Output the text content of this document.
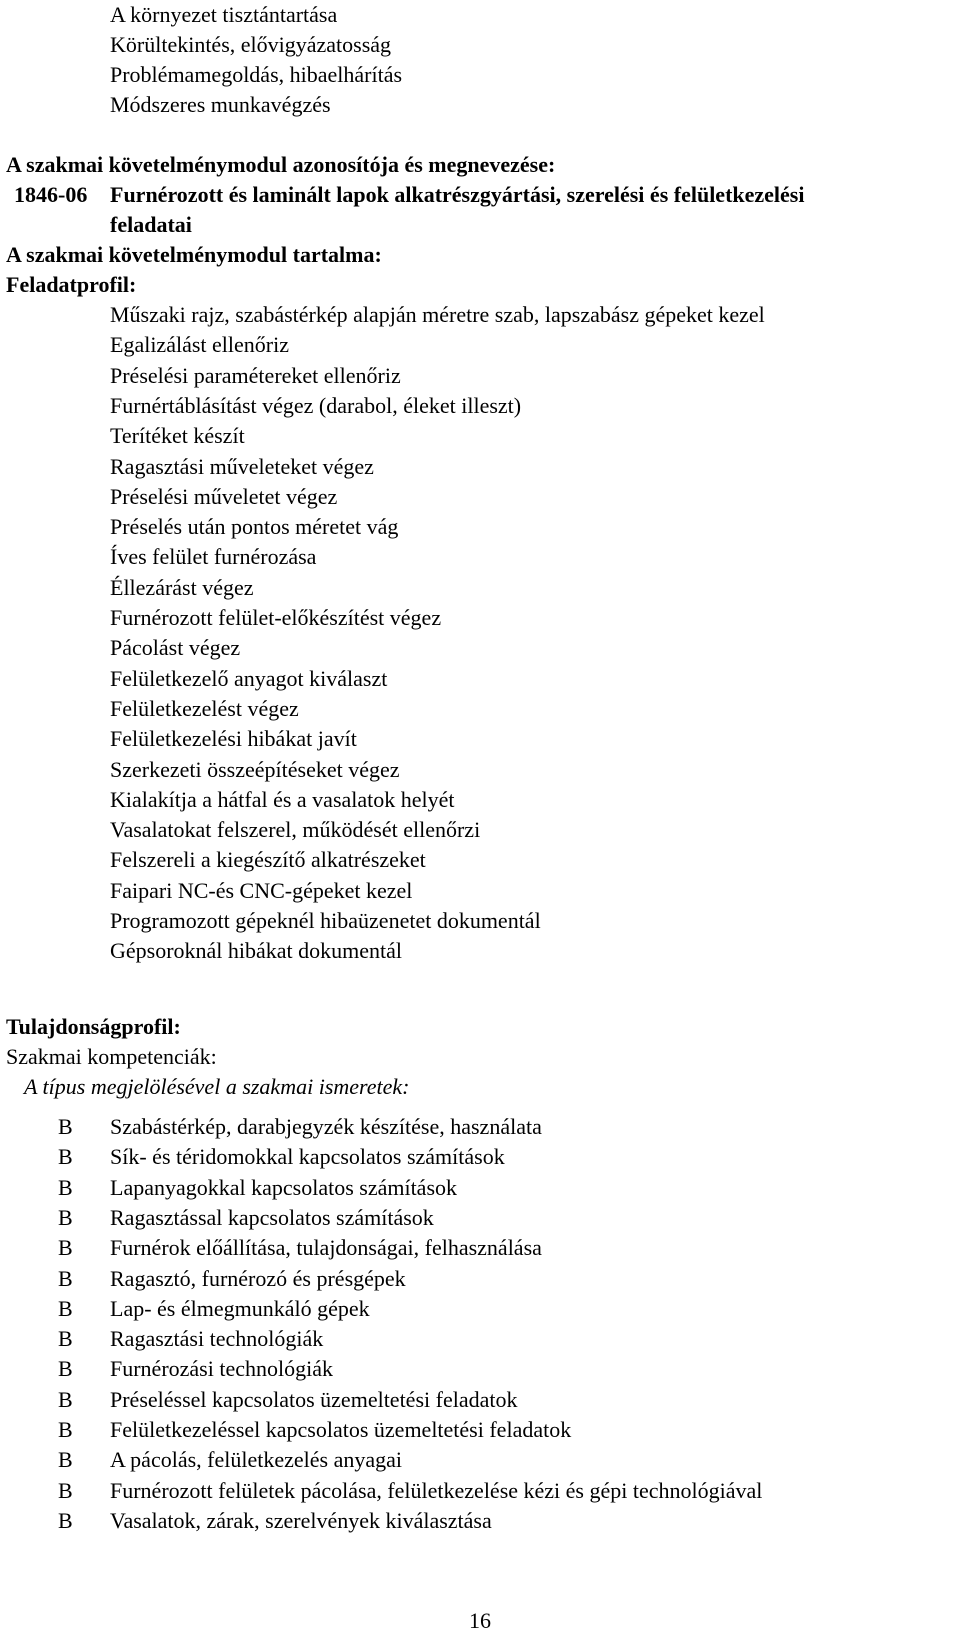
A környezet tisztántartása
Körültekintés, elővigyázatosság
Problémamegoldás, hibaelhárítás
Módszeres munkavégzés
A szakmai követelménymodul azonosítója és megnevezése:
1846-06 Furnérozott és laminált lapok alkatrészgyártási, szerelési és felületkezelési
feladatai
A szakmai követelménymodul tartalma:
Feladatprofil:
Műszaki rajz, szabástérkép alapján méretre szab, lapszabász gépeket kezel
Egalizálást ellenőriz
Préselési paramétereket ellenőriz
Furnértáblásítást végez (darabol, éleket illeszt)
Terítéket készít
Ragasztási műveleteket végez
Préselési műveletet végez
Préselés után pontos méretet vág
Íves felület furnérozása
Éllezárást végez
Furnérozott felület-előkészítést végez
Pácolást végez
Felületkezelő anyagot kiválaszt
Felületkezelést végez
Felületkezelési hibákat javít
Szerkezeti összeépítéseket végez
Kialakítja a hátfal és a vasalatok helyét
Vasalatokat felszerel, működését ellenőrzi
Felszereli a kiegészítő alkatrészeket
Faipari NC-és CNC-gépeket kezel
Programozott gépeknél hibaüzenetet dokumentál
Gépsoroknál hibákat dokumentál
Tulajdonságprofil:
Szakmai kompetenciák:
A típus megjelölésével a szakmai ismeretek:
B Szabástérkép, darabjegyzék készítése, használata
B Sík- és téridomokkal kapcsolatos számítások
B Lapanyagokkal kapcsolatos számítások
B Ragasztással kapcsolatos számítások
B Furnérok előállítása, tulajdonságai, felhasználása
B Ragasztó, furnérozó és présgépek
B Lap- és élmegmunkáló gépek
B Ragasztási technológiák
B Furnérozási technológiák
B Préseléssel kapcsolatos üzemeltetési feladatok
B Felületkezeléssel kapcsolatos üzemeltetési feladatok
B A pácolás, felületkezelés anyagai
B Furnérozott felületek pácolása, felületkezelése kézi és gépi technológiával
B Vasalatok, zárak, szerelvények kiválasztása
16
